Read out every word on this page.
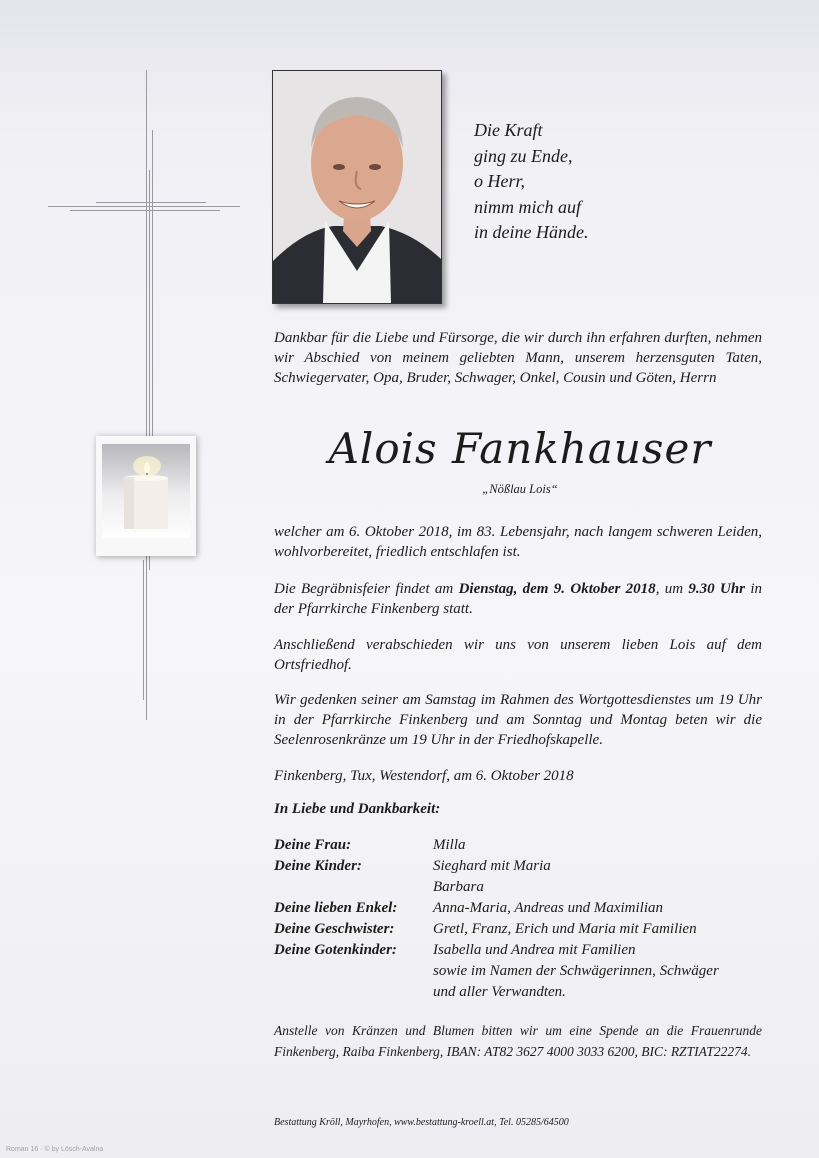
Die Kraft
ging zu Ende,
o Herr,
nimm mich auf
in deine Hände.
Dankbar für die Liebe und Fürsorge, die wir durch ihn erfahren durften, nehmen wir Abschied von meinem geliebten Mann, unserem herzensguten Taten, Schwiegervater, Opa, Bruder, Schwager, Onkel, Cousin und Göten, Herrn
Alois Fankhauser
„Nößlau Lois“
welcher am 6. Oktober 2018, im 83. Lebensjahr, nach langem schweren Leiden, wohlvorbereitet, friedlich entschlafen ist.
Die Begräbnisfeier findet am Dienstag, dem 9. Oktober 2018, um 9.30 Uhr in der Pfarrkirche Finkenberg statt.
Anschließend verabschieden wir uns von unserem lieben Lois auf dem Ortsfriedhof.
Wir gedenken seiner am Samstag im Rahmen des Wortgottesdienstes um 19 Uhr in der Pfarrkirche Finkenberg und am Sonntag und Montag beten wir die Seelenrosenkränze um 19 Uhr in der Friedhofskapelle.
Finkenberg, Tux, Westendorf, am 6. Oktober 2018
In Liebe und Dankbarkeit:
Deine Frau:	Milla
Deine Kinder:	Sieghard mit Maria
Barbara
Deine lieben Enkel: Anna-Maria, Andreas und Maximilian
Deine Geschwister:	Gretl, Franz, Erich und Maria mit Familien
Deine Gotenkinder: Isabella und Andrea mit Familien
sowie im Namen der Schwägerinnen, Schwäger
und aller Verwandten.
Anstelle von Kränzen und Blumen bitten wir um eine Spende an die Frauenrunde Finkenberg, Raiba Finkenberg, IBAN: AT82 3627 4000 3033 6200, BIC: RZTIAT22274.
Bestattung Kröll, Mayrhofen, www.bestattung-kroell.at, Tel. 05285/64500
Roman 16 · © by Lösch-Avalna
